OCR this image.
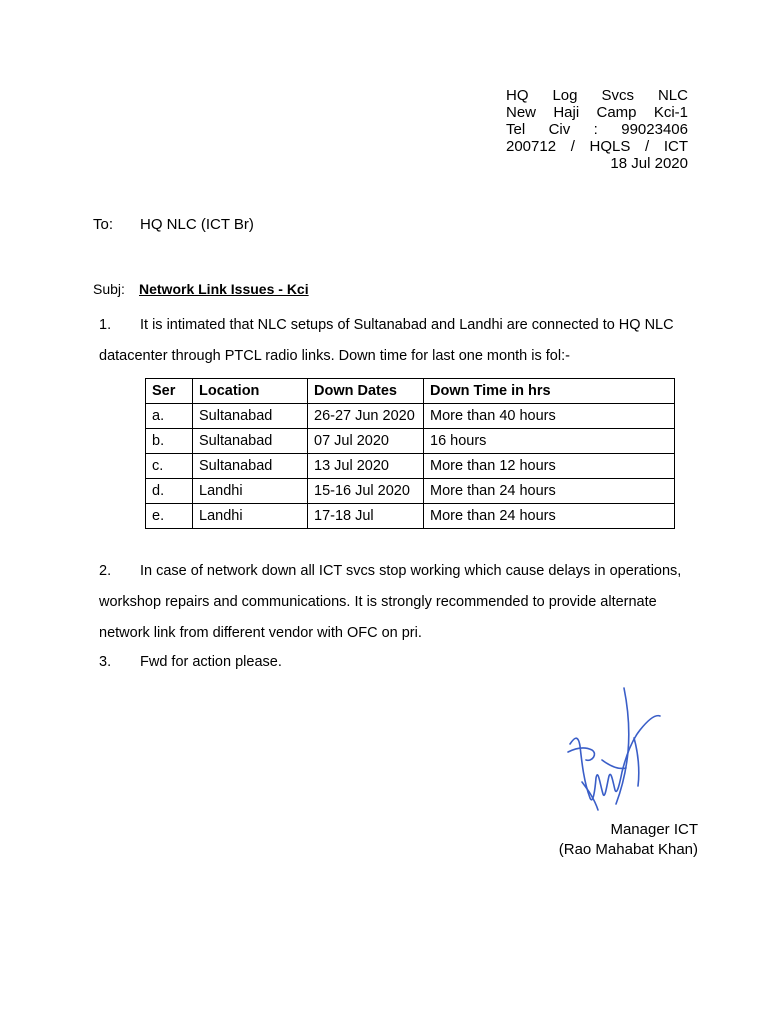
HQ Log Svcs NLC
New Haji Camp Kci-1
Tel Civ : 99023406
200712 / HQLS / ICT
18 Jul 2020
To:	HQ NLC (ICT Br)
Subj:	Network Link Issues - Kci
1. It is intimated that NLC setups of Sultanabad and Landhi are connected to HQ NLC datacenter through PTCL radio links. Down time for last one month is fol:-
Ser	Location	Down Dates	Down Time in hrs
a.	Sultanabad	26-27 Jun 2020	More than 40 hours
b.	Sultanabad	07 Jul 2020	16 hours
c.	Sultanabad	13 Jul 2020	More than 12 hours
d.	Landhi	15-16 Jul 2020	More than 24 hours
e.	Landhi	17-18 Jul	More than 24 hours
2. In case of network down all ICT svcs stop working which cause delays in operations, workshop repairs and communications. It is strongly recommended to provide alternate network link from different vendor with OFC on pri.
3. Fwd for action please.
Manager ICT
(Rao Mahabat Khan)
